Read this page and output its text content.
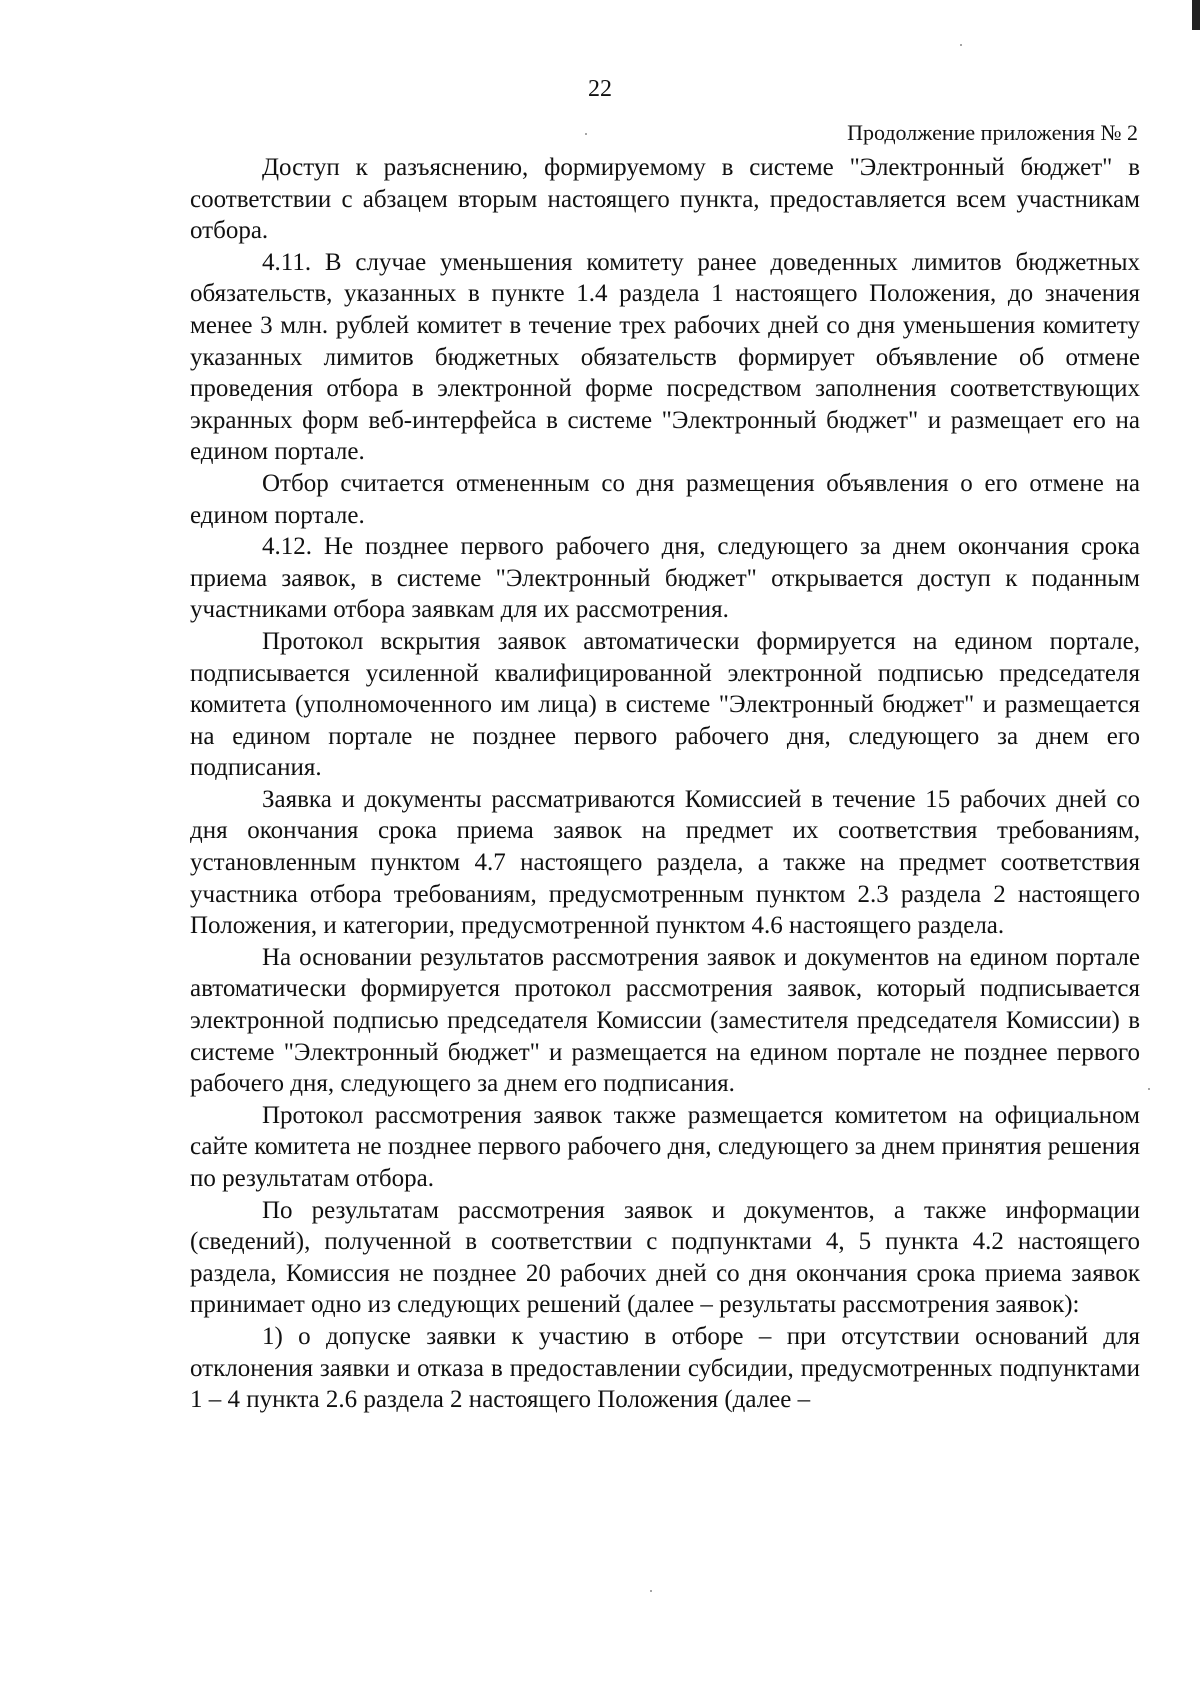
22
Продолжение приложения № 2

Доступ к разъяснению, формируемому в системе "Электронный бюджет" в соответствии с абзацем вторым настоящего пункта, предоставляется всем участникам отбора.

4.11. В случае уменьшения комитету ранее доведенных лимитов бюджетных обязательств, указанных в пункте 1.4 раздела 1 настоящего Положения, до значения менее 3 млн. рублей комитет в течение трех рабочих дней со дня уменьшения комитету указанных лимитов бюджетных обязательств формирует объявление об отмене проведения отбора в электронной форме посредством заполнения соответствующих экранных форм веб-интерфейса в системе "Электронный бюджет" и размещает его на едином портале.

Отбор считается отмененным со дня размещения объявления о его отмене на едином портале.

4.12. Не позднее первого рабочего дня, следующего за днем окончания срока приема заявок, в системе "Электронный бюджет" открывается доступ к поданным участниками отбора заявкам для их рассмотрения.

Протокол вскрытия заявок автоматически формируется на едином портале, подписывается усиленной квалифицированной электронной подписью председателя комитета (уполномоченного им лица) в системе "Электронный бюджет" и размещается на едином портале не позднее первого рабочего дня, следующего за днем его подписания.

Заявка и документы рассматриваются Комиссией в течение 15 рабочих дней со дня окончания срока приема заявок на предмет их соответствия требованиям, установленным пунктом 4.7 настоящего раздела, а также на предмет соответствия участника отбора требованиям, предусмотренным пунктом 2.3 раздела 2 настоящего Положения, и категории, предусмотренной пунктом 4.6 настоящего раздела.

На основании результатов рассмотрения заявок и документов на едином портале автоматически формируется протокол рассмотрения заявок, который подписывается электронной подписью председателя Комиссии (заместителя председателя Комиссии) в системе "Электронный бюджет" и размещается на едином портале не позднее первого рабочего дня, следующего за днем его подписания.

Протокол рассмотрения заявок также размещается комитетом на официальном сайте комитета не позднее первого рабочего дня, следующего за днем принятия решения по результатам отбора.

По результатам рассмотрения заявок и документов, а также информации (сведений), полученной в соответствии с подпунктами 4, 5 пункта 4.2 настоящего раздела, Комиссия не позднее 20 рабочих дней со дня окончания срока приема заявок принимает одно из следующих решений (далее – результаты рассмотрения заявок):

1) о допуске заявки к участию в отборе – при отсутствии оснований для отклонения заявки и отказа в предоставлении субсидии, предусмотренных подпунктами 1 – 4 пункта 2.6 раздела 2 настоящего Положения (далее –
